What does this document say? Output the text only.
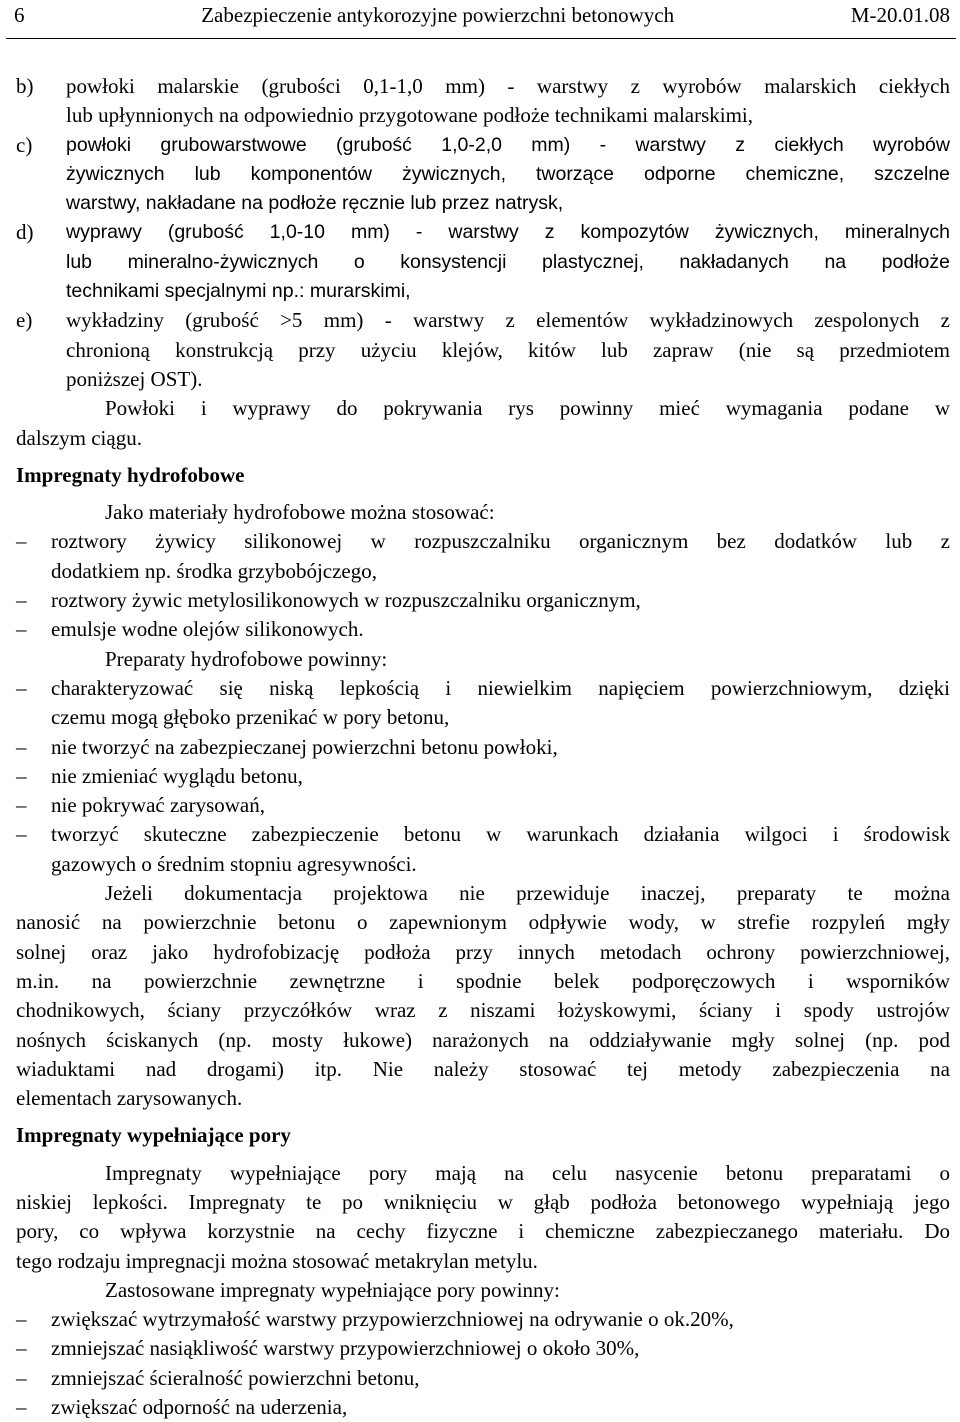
6	Zabezpieczenie antykorozyjne powierzchni betonowych	M-20.01.08
b)	powłoki malarskie (grubości 0,1-1,0 mm) - warstwy z wyrobów malarskich ciekłych
lub upłynnionych na odpowiednio przygotowane podłoże technikami malarskimi,
c)	powłoki grubowarstwowe (grubość 1,0-2,0 mm) - warstwy z ciekłych wyrobów
żywicznych lub komponentów żywicznych, tworzące odporne chemiczne, szczelne
warstwy, nakładane na podłoże ręcznie lub przez natrysk,
d)	wyprawy (grubość 1,0-10 mm) - warstwy z kompozytów żywicznych, mineralnych
lub mineralno-żywicznych o konsystencji plastycznej, nakładanych na podłoże
technikami specjalnymi np.: murarskimi,
e)	wykładziny (grubość >5 mm) - warstwy z elementów wykładzinowych zespolonych z
chronioną konstrukcją przy użyciu klejów, kitów lub zapraw (nie są przedmiotem
poniższej OST).
Powłoki i wyprawy do pokrywania rys powinny mieć wymagania podane w
dalszym ciągu.
Impregnaty hydrofobowe
Jako materiały hydrofobowe można stosować:
–	roztwory żywicy silikonowej w rozpuszczalniku organicznym bez dodatków lub z
dodatkiem np. środka grzybobójczego,
–	roztwory żywic metylosilikonowych w rozpuszczalniku organicznym,
–	emulsje wodne olejów silikonowych.
Preparaty hydrofobowe powinny:
–	charakteryzować się niską lepkością i niewielkim napięciem powierzchniowym, dzięki
czemu mogą głęboko przenikać w pory betonu,
–	nie tworzyć na zabezpieczanej powierzchni betonu powłoki,
–	nie zmieniać wyglądu betonu,
–	nie pokrywać zarysowań,
–	tworzyć skuteczne zabezpieczenie betonu w warunkach działania wilgoci i środowisk
gazowych o średnim stopniu agresywności.
Jeżeli dokumentacja projektowa nie przewiduje inaczej, preparaty te można
nanosić na powierzchnie betonu o zapewnionym odpływie wody, w strefie rozpyleń mgły
solnej oraz jako hydrofobizację podłoża przy innych metodach ochrony powierzchniowej,
m.in. na powierzchnie zewnętrzne i spodnie belek podporęczowych i wsporników
chodnikowych, ściany przyczółków wraz z niszami łożyskowymi, ściany i spody ustrojów
nośnych ściskanych (np. mosty łukowe) narażonych na oddziaływanie mgły solnej (np. pod
wiaduktami nad drogami) itp. Nie należy stosować tej metody zabezpieczenia na
elementach zarysowanych.
Impregnaty wypełniające pory
Impregnaty wypełniające pory mają na celu nasycenie betonu preparatami o
niskiej lepkości. Impregnaty te po wniknięciu w głąb podłoża betonowego wypełniają jego
pory, co wpływa korzystnie na cechy fizyczne i chemiczne zabezpieczanego materiału. Do
tego rodzaju impregnacji można stosować metakrylan metylu.
Zastosowane impregnaty wypełniające pory powinny:
–	zwiększać wytrzymałość warstwy przypowierzchniowej na odrywanie o ok.20%,
–	zmniejszać nasiąkliwość warstwy przypowierzchniowej o około 30%,
–	zmniejszać ścieralność powierzchni betonu,
–	zwiększać odporność na uderzenia,
